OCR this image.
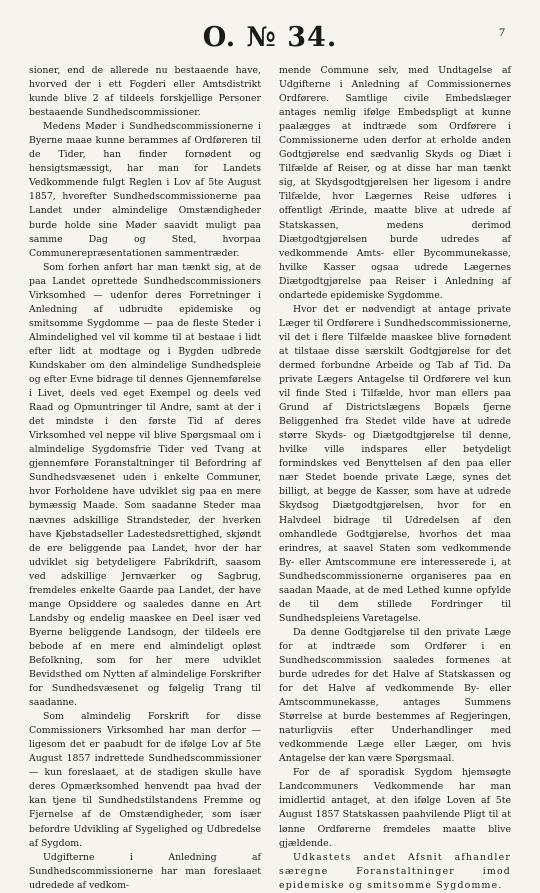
O. № 34.	7

sioner, end de allerede nu bestaaende have, hvorved der i ett Fogderi eller Amtsdistrikt kunde blive 2 af tildeels forskjellige Personer bestaaende Sundhedscommissioner.

Medens Møder i Sundhedscommissionerne i Byerne maae kunne berammes af Ordføreren til de Tider, han finder fornødent og hensigtsmæssigt, har man for Landets Vedkommende fulgt Reglen i Lov af 5te August 1857, hvorefter Sundhedscommissionerne paa Landet under almindelige Omstændigheder burde holde sine Møder saavidt muligt paa samme Dag og Sted, hvorpaa Communerepræsentationen sammentræder.

Som forhen anført har man tænkt sig, at de paa Landet oprettede Sundhedscommissioners Virksomhed — udenfor deres Forretninger i Anledning af udbrudte epidemiske og smitsomme Sygdomme — paa de fleste Steder i Almindelighed vel vil komme til at bestaae i lidt efter lidt at modtage og i Bygden udbrede Kundskaber om den almindelige Sundhedspleie og efter Evne bidrage til dennes Gjennemførelse i Livet, deels ved eget Exempel og deels ved Raad og Opmuntringer til Andre, samt at der i det mindste i den første Tid af deres Virksomhed vel neppe vil blive Spørgsmaal om i almindelige Sygdomsfrie Tider ved Tvang at gjennemføre Foranstaltninger til Befordring af Sundhedsvæsenet uden i enkelte Communer, hvor Forholdene have udviklet sig paa en mere bymæssig Maade. Som saadanne Steder maa nævnes adskillige Strandsteder, der hverken have Kjøbstadseller Ladestedsrettighed, skjøndt de ere beliggende paa Landet, hvor der har udviklet sig betydeligere Fabrikdrift, saasom ved adskillige Jernværker og Sagbrug, fremdeles enkelte Gaarde paa Landet, der have mange Opsiddere og saaledes danne en Art Landsby og endelig maaskee en Deel især ved Byerne beliggende Landsogn, der tildeels ere bebode af en mere end almindeligt opløst Befolkning, som for her mere udviklet Bevidsthed om Nytten af almindelige Forskrifter for Sundhedsvæsenet og følgelig Trang til saadanne.

Som almindelig Forskrift for disse Commissioners Virksomhed har man derfor — ligesom det er paabudt for de ifølge Lov af 5te August 1857 indrettede Sundhedscommissioner — kun foreslaaet, at de stadigen skulle have deres Opmærksomhed henvendt paa hvad der kan tjene til Sundhedstilstandens Fremme og Fjernelse af de Omstændigheder, som især befordre Udvikling af Sygelighed og Udbredelse af Sygdom.

Udgifterne i Anledning af Sundhedscommissionerne har man foreslaaet udredede af vedkom-

mende Commune selv, med Undtagelse af Udgifterne i Anledning af Commissionernes Ordførere. Samtlige civile Embedslæger antages nemlig ifølge Embedspligt at kunne paalægges at indtræde som Ordførere i Commissionerne uden derfor at erholde anden Godtgjørelse end sædvanlig Skyds og Diæt i Tilfælde af Reiser, og at disse har man tænkt sig, at Skydsgodtgjørelsen her ligesom i andre Tilfælde, hvor Lægernes Reise udføres i offentligt Ærinde, maatte blive at udrede af Statskassen, medens derimod Diætgodtgjørelsen burde udredes af vedkommende Amts- eller Bycommunekasse, hvilke Kasser ogsaa udrede Lægernes Diætgodtgjørelse paa Reiser i Anledning af ondartede epidemiske Sygdomme.

Hvor det er nødvendigt at antage private Læger til Ordførere i Sundhedscommissionerne, vil det i flere Tilfælde maaskee blive fornødent at tilstaae disse særskilt Godtgjørelse for det dermed forbundne Arbeide og Tab af Tid. Da private Lægers Antagelse til Ordførere vel kun vil finde Sted i Tilfælde, hvor man ellers paa Grund af Districtslægens Bopæls fjerne Beliggenhed fra Stedet vilde have at udrede større Skyds- og Diætgodtgjørelse til denne, hvilke ville indspares eller betydeligt formindskes ved Benyttelsen af den paa eller nær Stedet boende private Læge, synes det billigt, at begge de Kasser, som have at udrede Skydsog Diætgodtgjørelsen, hvor for en Halvdeel bidrage til Udredelsen af den omhandlede Godtgjørelse, hvorhos det maa erindres, at saavel Staten som vedkommende By- eller Amtscommune ere interesserede i, at Sundhedscommissionerne organiseres paa en saadan Maade, at de med Lethed kunne opfylde de til dem stillede Fordringer til Sundhedspleiens Varetagelse.

Da denne Godtgjørelse til den private Læge for at indtræde som Ordfører i en Sundhedscommission saaledes formenes at burde udredes for det Halve af Statskassen og for det Halve af vedkommende By- eller Amtscommunekasse, antages Summens Størrelse at burde bestemmes af Regjeringen, naturligviis efter Underhandlinger med vedkommende Læge eller Læger, om hvis Antagelse der kan være Spørgsmaal.

For de af sporadisk Sygdom hjemsøgte Landcommuners Vedkommende har man imidlertid antaget, at den ifølge Loven af 5te August 1857 Statskassen paahvilende Pligt til at lønne Ordførerne fremdeles maatte blive gjældende.

Udkastets andet Afsnit afhandler særegne Foranstaltninger imod epidemiske og smitsomme Sygdomme.
